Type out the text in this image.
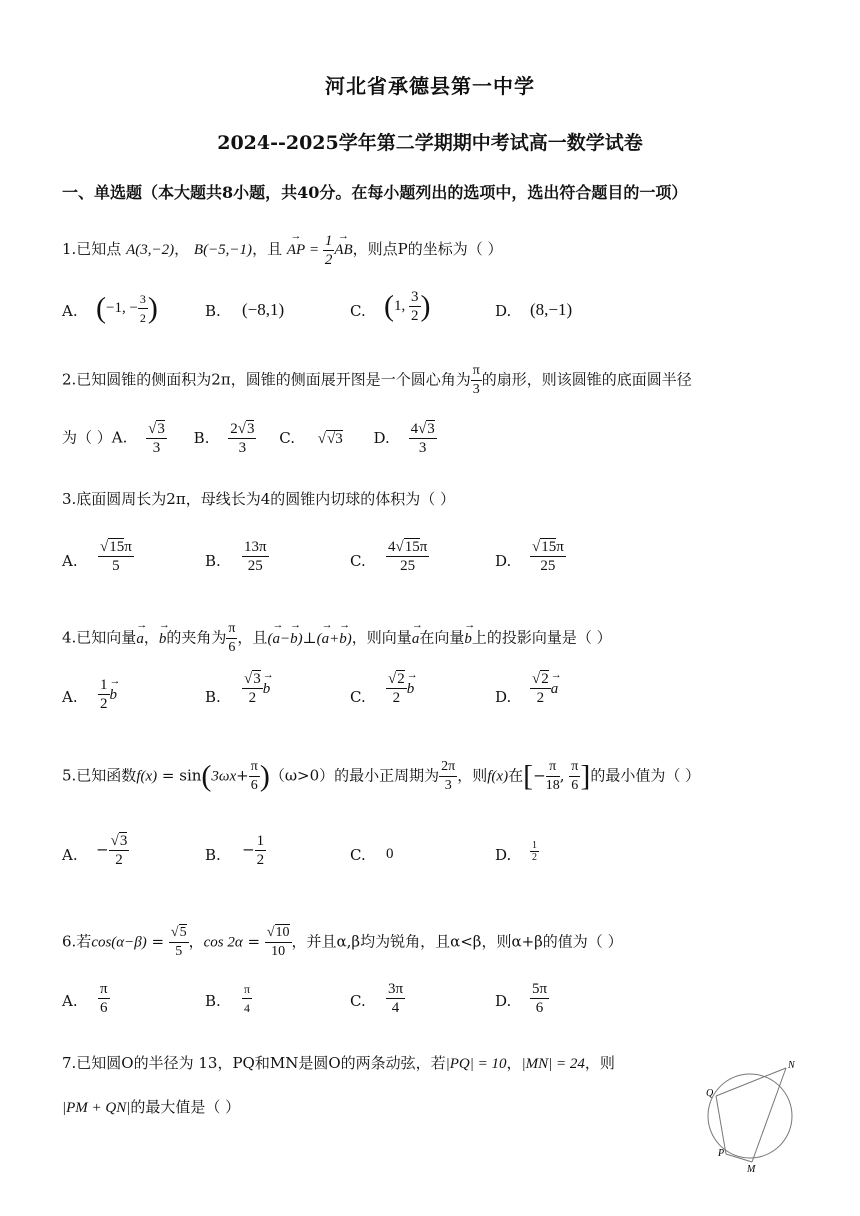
河北省承德县第一中学
2024--2025学年第二学期期中考试高一数学试卷
一、单选题（本大题共8小题，共40分。在每小题列出的选项中，选出符合题目的一项）
1.已知点 A(3,−2)， B(−5,−1)，且 → AP = $\frac{1}{2}$
→ AB，则点P的坐标为（ ）
A. (−1, − $\frac{3}{2}$ )	B. (−8,1)	C. (1, $\frac{3}{2}$ )	D. (8,−1)
2.已知圆锥的侧面积为2π，圆锥的侧面展开图是一个圆心角为 $\frac{\pi}{3}$ 的扇形，则该圆锥的底面圆半径
为（ ）A. $\frac{√3}{3} B$. $\frac{2√3}{3} C$. √√3 D. $\frac{4√3}{3}$
3.底面圆周长为2π，母线长为4的圆锥内切球的体积为（ ）
A. $\frac{√15\pi}{5}$	B. $\frac{13\pi}{25}$	C. $\frac{4√15\pi}{25}$	D. $\frac{√15\pi}{25}$
4.已知向量→ a，→ b的夹角为 $\frac{\pi}{6}$ ，且(→ a−→ b)⊥(→ a+→ b)，则向量→ a在向量→ b上的投影向量是（ ）
A. $\frac{1}{2}$
→ b	B. $\frac{√3}{2}$
→ b	C. $\frac{√2}{2}$
→ b	D. $\frac{√2}{2}$
→ a
5.已知函数$f(x) = \sin(3\omega x+ \frac{\pi}{6} )(\omega>0)$的最小正周期为 $\frac{2\pi}{3}$ ，则f(x)在[− $\frac{\pi}{18}$ , $\frac{\pi}{6}$ ]的最小值为（ ）
A. − $\frac{√3}{2}$	B. − $\frac{1}{2}$	C. 0	D. $\frac{1}{2}$
6.若$\cos(\alpha-\beta) = \frac{√5}{5}$ ，$\cos 2\alpha = \frac{√10}{10}$ ，并且α,β均为锐角，且α<β，则α+β的值为（ ）
A. $\frac{\pi}{6}$	B. $\frac{\pi}{4}$	C. $\frac{3\pi}{4}$	D. $\frac{5\pi}{6}$
7.已知圆O的半径为 13，PQ和MN是圆O的两条动弦，若|PQ| = 10，|MN| = 24，则
|PM + QN|的最大值是（ ）
N
Q
P
M
